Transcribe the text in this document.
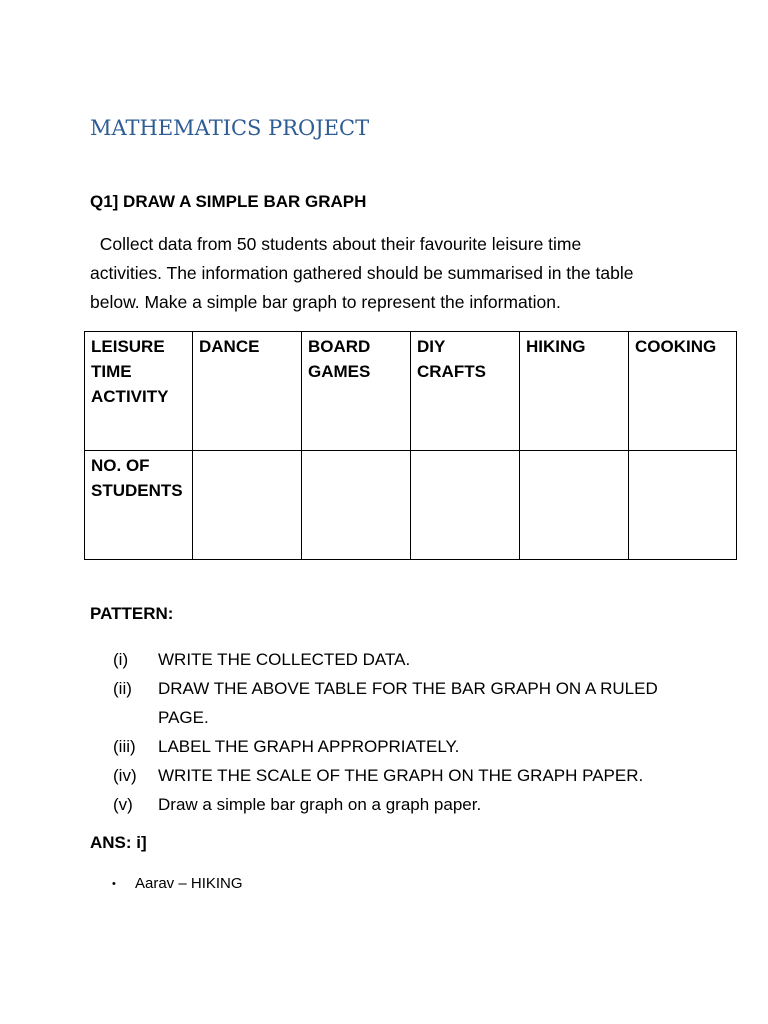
MATHEMATICS PROJECT
Q1] DRAW A SIMPLE BAR GRAPH
Collect data from 50 students about their favourite leisure time
activities. The information gathered should be summarised in the table
below. Make a simple bar graph to represent the information.
LEISURE TIME ACTIVITY	DANCE	BOARD GAMES	DIY CRAFTS	HIKING	COOKING

NO. OF STUDENTS					

PATTERN:
(i)	WRITE THE COLLECTED DATA.
(ii)	DRAW THE ABOVE TABLE FOR THE BAR GRAPH ON A RULED PAGE.
(iii)	LABEL THE GRAPH APPROPRIATELY.
(iv)	WRITE THE SCALE OF THE GRAPH ON THE GRAPH PAPER.
(v)	Draw a simple bar graph on a graph paper.
ANS: i]
•	Aarav – HIKING
